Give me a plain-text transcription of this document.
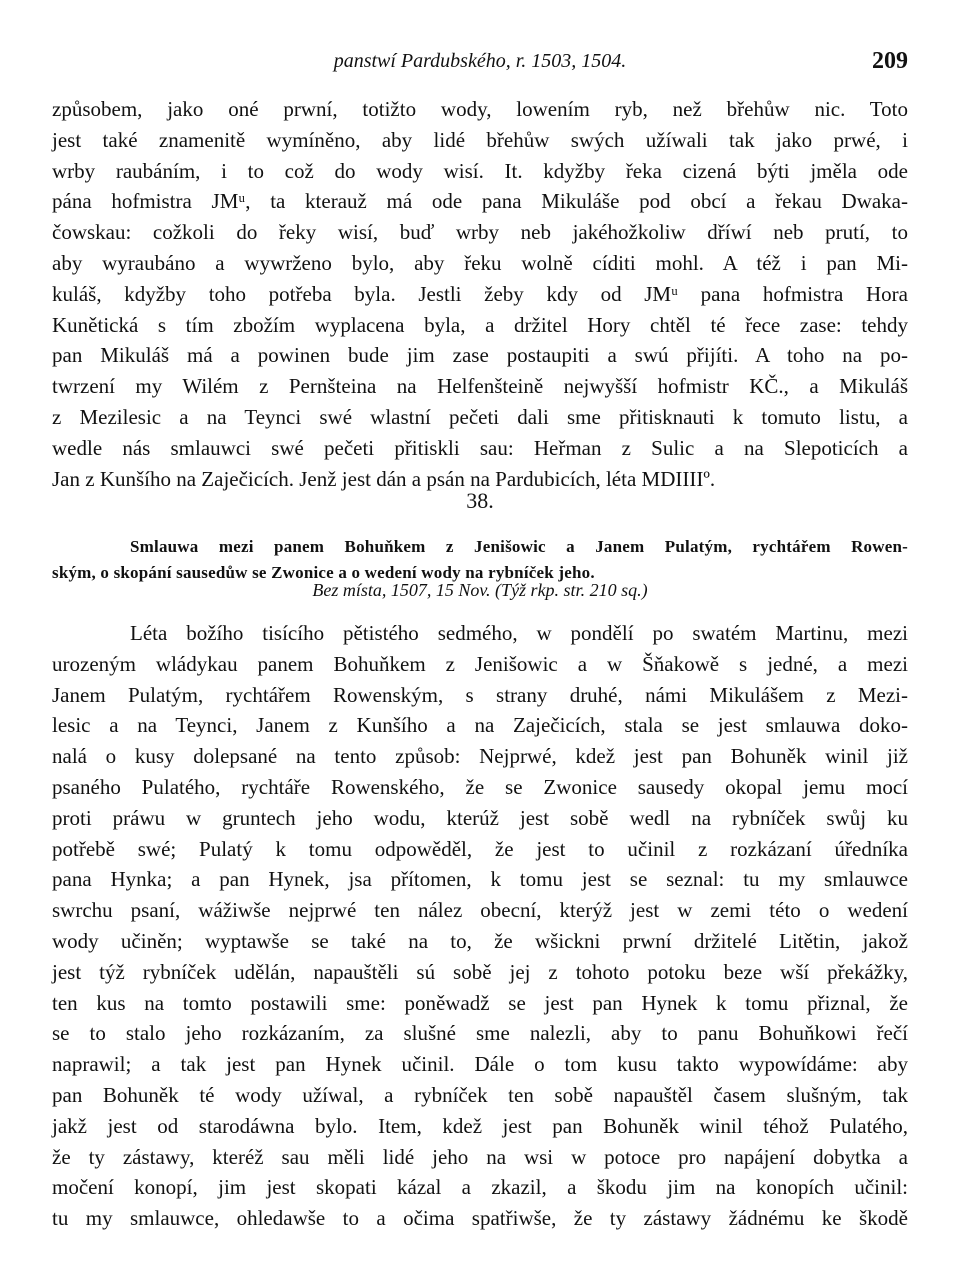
panstwí Pardubského, r. 1503, 1504.	209
způsobem, jako oné prwní, totižto wody, lowením ryb, než břehůw nic. Toto
jest také znamenitě wymíněno, aby lidé břehůw swých užíwali tak jako prwé, i
wrby raubáním, i to což do wody wisí. It. kdyžby řeka cizená býti jměla ode
pána hofmistra JMᵘ, ta kterauž má ode pana Mikuláše pod obcí a řekau Dwaka-
čowskau: cožkoli do řeky wisí, buď wrby neb jakéhožkoliw dříwí neb prutí, to
aby wyraubáno a wywrženo bylo, aby řeku wolně cíditi mohl. A též i pan Mi-
kuláš, kdyžby toho potřeba byla. Jestli žeby kdy od JMᵘ pana hofmistra Hora
Kunětická s tím zbožím wyplacena byla, a držitel Hory chtěl té řece zase: tehdy
pan Mikuláš má a powinen bude jim zase postaupiti a swú přijíti. A toho na po-
twrzení my Wilém z Pernšteina na Helfenšteině nejwyšší hofmistr KČ., a Mikuláš
z Mezilesic a na Teynci swé wlastní pečeti dali sme přitisknauti k tomuto listu, a
wedle nás smlauwci swé pečeti přitiskli sau: Heřman z Sulic a na Slepoticích a
Jan z Kunšího na Zaječicích. Jenž jest dán a psán na Pardubicích, léta MDIIIIº.
38.
Smlauwa mezi panem Bohuňkem z Jenišowic a Janem Pulatým, rychtářem Rowen-
ským, o skopání sausedůw se Zwonice a o wedení wody na rybníček jeho.
Bez místa, 1507, 15 Nov. (Týž rkp. str. 210 sq.)
Léta božího tisícího pětistého sedmého, w pondělí po swatém Martinu, mezi
urozeným wládykau panem Bohuňkem z Jenišowic a w Šňakowě s jedné, a mezi
Janem Pulatým, rychtářem Rowenským, s strany druhé, námi Mikulášem z Mezi-
lesic a na Teynci, Janem z Kunšího a na Zaječicích, stala se jest smlauwa doko-
nalá o kusy dolepsané na tento způsob: Nejprwé, kdež jest pan Bohuněk winil již
psaného Pulatého, rychtáře Rowenského, že se Zwonice sausedy okopal jemu mocí
proti práwu w gruntech jeho wodu, kterúž jest sobě wedl na rybníček swůj ku
potřebě swé; Pulatý k tomu odpowěděl, že jest to učinil z rozkázaní úředníka
pana Hynka; a pan Hynek, jsa přítomen, k tomu jest se seznal: tu my smlauwce
swrchu psaní, wážiwše nejprwé ten nález obecní, kterýž jest w zemi této o wedení
wody učiněn; wyptawše se také na to, že wšickni prwní držitelé Litětin, jakož
jest týž rybníček udělán, napauštěli sú sobě jej z tohoto potoku beze wší překážky,
ten kus na tomto postawili sme: poněwadž se jest pan Hynek k tomu přiznal, že
se to stalo jeho rozkázaním, za slušné sme nalezli, aby to panu Bohuňkowi řečí
naprawil; a tak jest pan Hynek učinil. Dále o tom kusu takto wypowídáme: aby
pan Bohuněk té wody užíwal, a rybníček ten sobě napauštěl časem slušným, tak
jakž jest od starodáwna bylo. Item, kdež jest pan Bohuněk winil téhož Pulatého,
že ty zástawy, kteréž sau měli lidé jeho na wsi w potoce pro napájení dobytka a
močení konopí, jim jest skopati kázal a zkazil, a škodu jim na konopích učinil:
tu my smlauwce, ohledawše to a očima spatřiwše, že ty zástawy žádnému ke škodě
